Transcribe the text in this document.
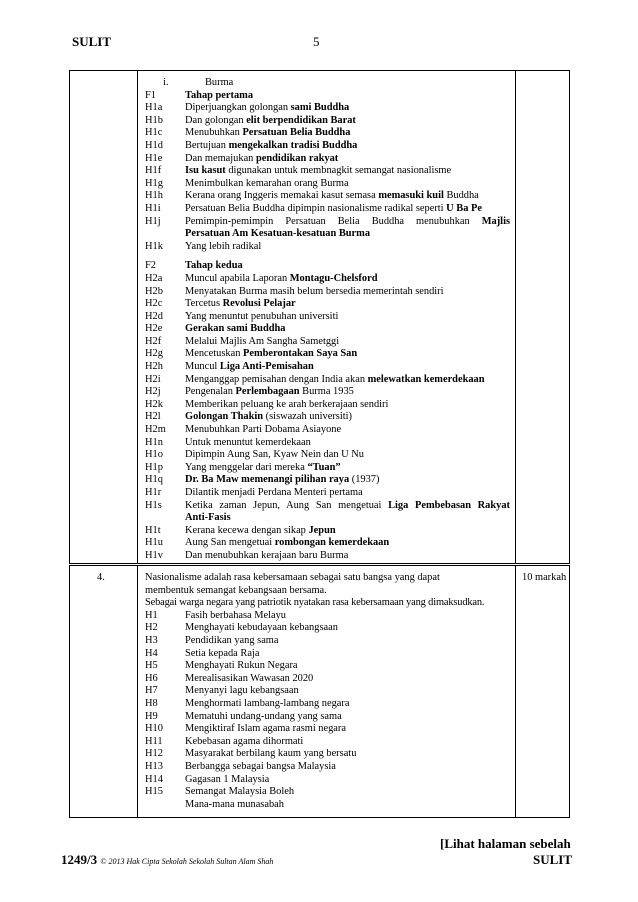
SULIT	5
i.	Burma
F1	Tahap pertama
H1a	Diperjuangkan golongan sami Buddha
H1b	Dan golongan elit berpendidikan Barat
H1c	Menubuhkan Persatuan Belia Buddha
H1d	Bertujuan mengekalkan tradisi Buddha
H1e	Dan memajukan pendidikan rakyat
H1f	Isu kasut digunakan untuk membnagkit semangat nasionalisme
H1g	Menimbulkan kemarahan orang Burma
H1h	Kerana orang Inggeris memakai kasut semasa memasuki kuil Buddha
H1i	Persatuan Belia Buddha dipimpin nasionalisme radikal seperti U Ba Pe
H1j	Pemimpin-pemimpin Persatuan Belia Buddha menubuhkan Majlis
Persatuan Am Kesatuan-kesatuan Burma
H1k	Yang lebih radikal
F2	Tahap kedua
H2a	Muncul apabila Laporan Montagu-Chelsford
H2b	Menyatakan Burma masih belum bersedia memerintah sendiri
H2c	Tercetus Revolusi Pelajar
H2d	Yang menuntut penubuhan universiti
H2e	Gerakan sami Buddha
H2f	Melalui Majlis Am Sangha Sametggi
H2g	Mencetuskan Pemberontakan Saya San
H2h	Muncul Liga Anti-Pemisahan
H2i	Menganggap pemisahan dengan India akan melewatkan kemerdekaan
H2j	Pengenalan Perlembagaan Burma 1935
H2k	Memberikan peluang ke arah berkerajaan sendiri
H2l	Golongan Thakin (siswazah universiti)
H2m	Menubuhkan Parti Dobama Asiayone
H1n	Untuk menuntut kemerdekaan
H1o	Dipimpin Aung San, Kyaw Nein dan U Nu
H1p	Yang menggelar dari mereka “Tuan”
H1q	Dr. Ba Maw memenangi pilihan raya (1937)
H1r	Dilantik menjadi Perdana Menteri pertama
H1s	Ketika zaman Jepun, Aung San mengetuai Liga Pembebasan Rakyat
Anti-Fasis
H1t	Kerana kecewa dengan sikap Jepun
H1u	Aung San mengetuai rombongan kemerdekaan
H1v	Dan menubuhkan kerajaan baru Burma
4.	10 markah
Nasionalisme adalah rasa kebersamaan sebagai satu bangsa yang dapat
membentuk semangat kebangsaan bersama.
Sebagai warga negara yang patriotik nyatakan rasa kebersamaan yang dimaksudkan.
H1	Fasih berbahasa Melayu
H2	Menghayati kebudayaan kebangsaan
H3	Pendidikan yang sama
H4	Setia kepada Raja
H5	Menghayati Rukun Negara
H6	Merealisasikan Wawasan 2020
H7	Menyanyi lagu kebangsaan
H8	Menghormati lambang-lambang negara
H9	Mematuhi undang-undang yang sama
H10	Mengiktiraf Islam agama rasmi negara
H11	Kebebasan agama dihormati
H12	Masyarakat berbilang kaum yang bersatu
H13	Berbangga sebagai bangsa Malaysia
H14	Gagasan 1 Malaysia
H15	Semangat Malaysia Boleh
Mana-mana munasabah
[Lihat halaman sebelah
1249/3 © 2013 Hak Cipta Sekolah Sekolah Sultan Alam Shah	SULIT
